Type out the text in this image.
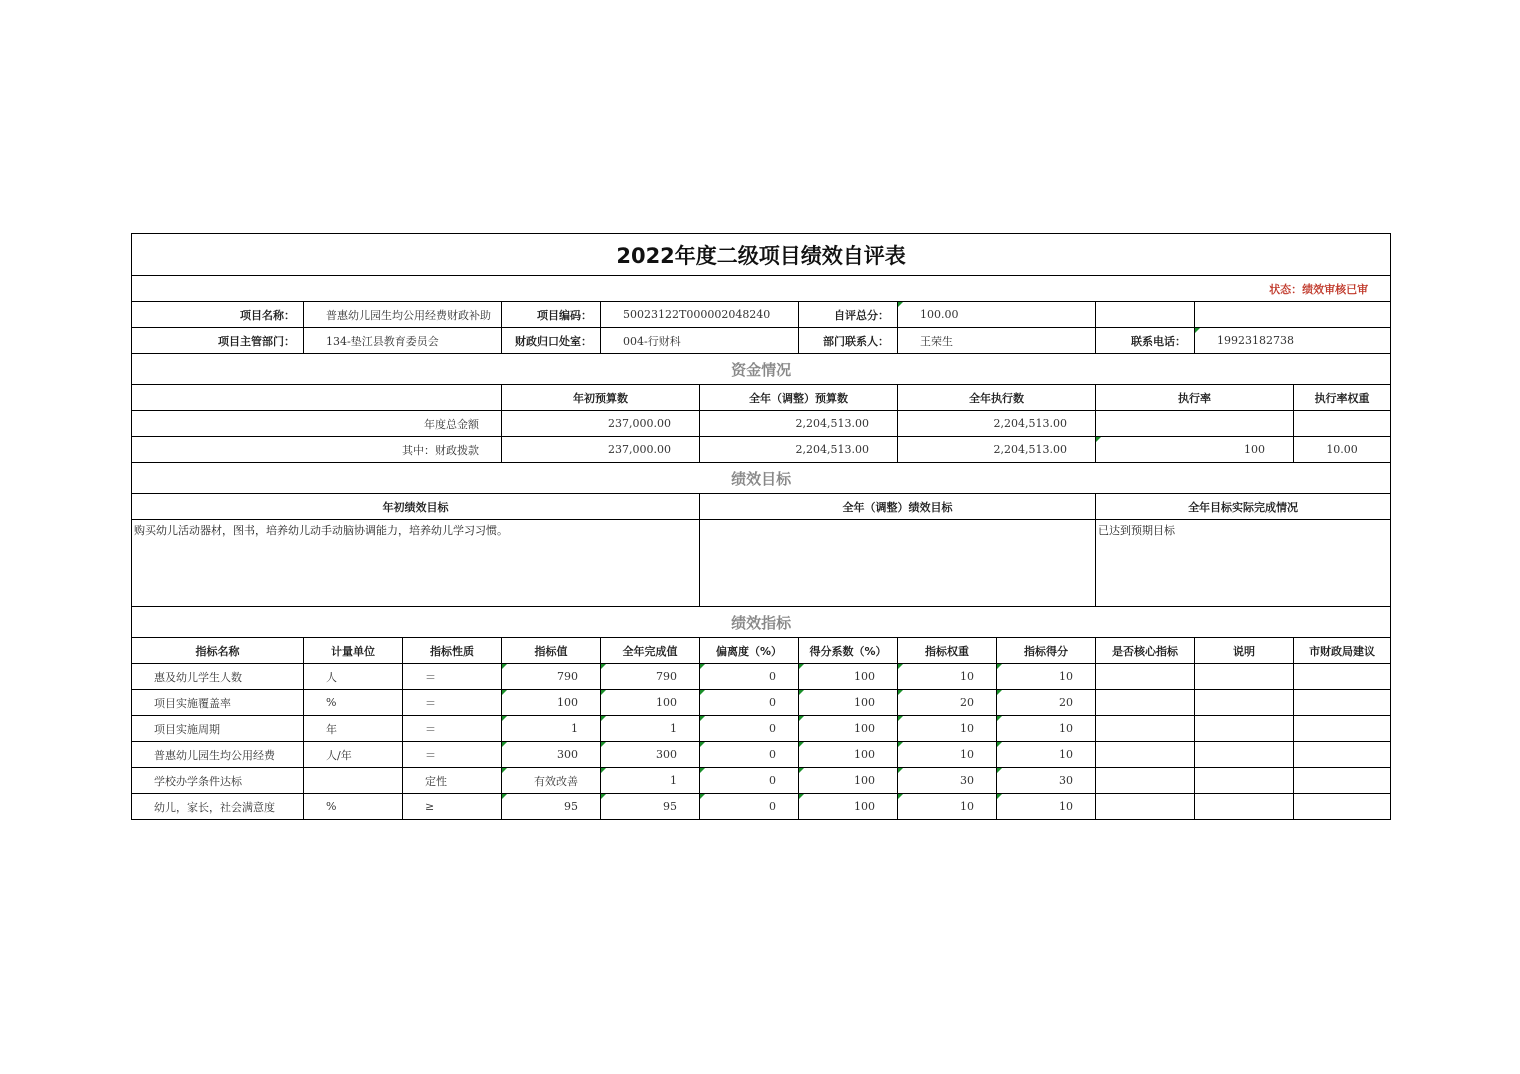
2022年度二级项目绩效自评表												
状态：绩效审核已审												
项目名称：	普惠幼儿园生均公用经费财政补助		项目编码：	50023122T000002048240		自评总分：	100.00					
项目主管部门：	134-垫江县教育委员会		财政归口处室：	004-行财科		部门联系人：	王荣生		联系电话：	19923182738		
资金情况												
			年初预算数		全年（调整）预算数		全年执行数		执行率		执行率权重	
年度总金额			237,000.00		2,204,513.00		2,204,513.00					
其中：财政拨款			237,000.00		2,204,513.00		2,204,513.00		100		10.00	
绩效目标												
年初绩效目标					全年（调整）绩效目标				全年目标实际完成情况			
购买幼儿活动器材，图书，培养幼儿动手动脑协调能力，培养幼儿学习习惯。									已达到预期目标			
绩效指标												
指标名称	计量单位	指标性质	指标值	全年完成值	偏离度（%）	得分系数（%）	指标权重	指标得分	是否核心指标	说明	市财政局建议	
惠及幼儿学生人数	人	＝	790	790	0	100	10	10				
项目实施覆盖率	%	＝	100	100	0	100	20	20				
项目实施周期	年	＝	1	1	0	100	10	10				
普惠幼儿园生均公用经费	人/年	＝	300	300	0	100	10	10				
学校办学条件达标		定性	有效改善	1	0	100	30	30				
幼儿，家长，社会满意度	%	≥	95	95	0	100	10	10				
